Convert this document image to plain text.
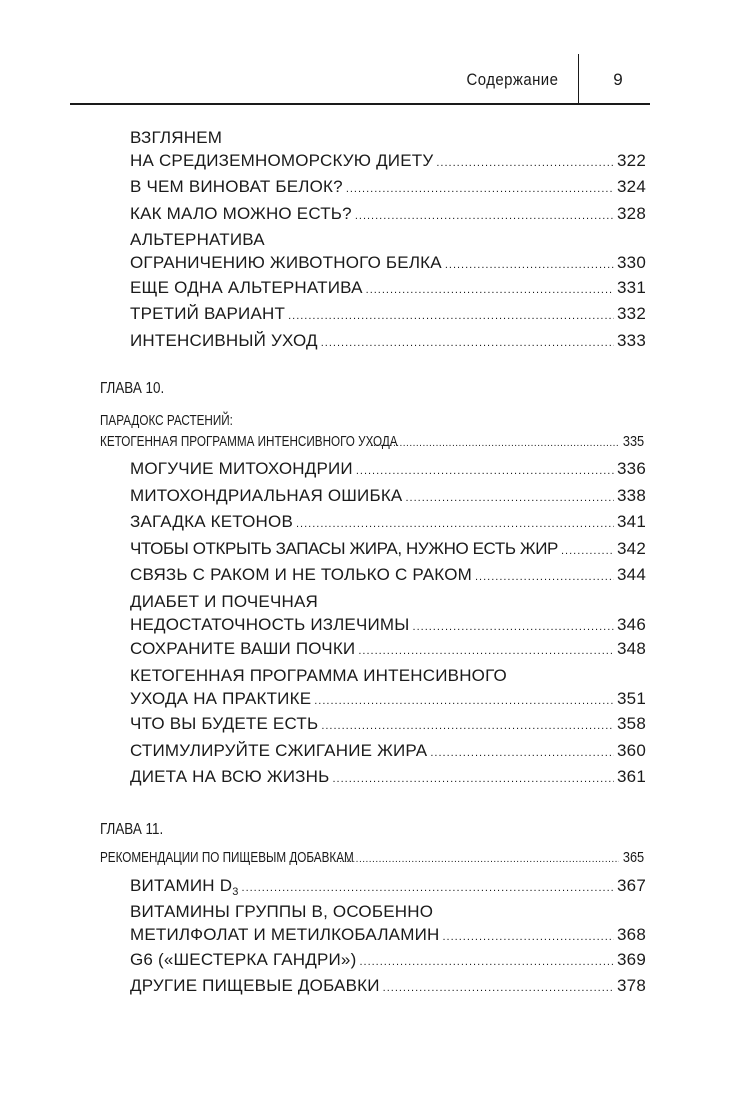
Содержание	9
ВЗГЛЯНЕМ
НА СРЕДИЗЕМНОМОРСКУЮ ДИЕТУ .....	322
В ЧЕМ ВИНОВАТ БЕЛОК? .....	324
КАК МАЛО МОЖНО ЕСТЬ? .....	328
АЛЬТЕРНАТИВА
ОГРАНИЧЕНИЮ ЖИВОТНОГО БЕЛКА .....	330
ЕЩЕ ОДНА АЛЬТЕРНАТИВА .....	331
ТРЕТИЙ ВАРИАНТ .....	332
ИНТЕНСИВНЫЙ УХОД .....	333
ГЛАВА 10.
ПАРАДОКС РАСТЕНИЙ:
КЕТОГЕННАЯ ПРОГРАММА ИНТЕНСИВНОГО УХОДА .....	335
МОГУЧИЕ МИТОХОНДРИИ .....	336
МИТОХОНДРИАЛЬНАЯ ОШИБКА .....	338
ЗАГАДКА КЕТОНОВ .....	341
ЧТОБЫ ОТКРЫТЬ ЗАПАСЫ ЖИРА, НУЖНО ЕСТЬ ЖИР .....	342
СВЯЗЬ С РАКОМ И НЕ ТОЛЬКО С РАКОМ .....	344
ДИАБЕТ И ПОЧЕЧНАЯ
НЕДОСТАТОЧНОСТЬ ИЗЛЕЧИМЫ .....	346
СОХРАНИТЕ ВАШИ ПОЧКИ .....	348
КЕТОГЕННАЯ ПРОГРАММА ИНТЕНСИВНОГО
УХОДА НА ПРАКТИКЕ .....	351
ЧТО ВЫ БУДЕТЕ ЕСТЬ .....	358
СТИМУЛИРУЙТЕ СЖИГАНИЕ ЖИРА .....	360
ДИЕТА НА ВСЮ ЖИЗНЬ .....	361
ГЛАВА 11.
РЕКОМЕНДАЦИИ ПО ПИЩЕВЫМ ДОБАВКАМ .....	365
ВИТАМИН $D_3$ .....	367
ВИТАМИНЫ ГРУППЫ В, ОСОБЕННО
МЕТИЛФОЛАТ И МЕТИЛКОБАЛАМИН .....	368
G6 («ШЕСТЕРКА ГАНДРИ») .....	369
ДРУГИЕ ПИЩЕВЫЕ ДОБАВКИ .....	378
